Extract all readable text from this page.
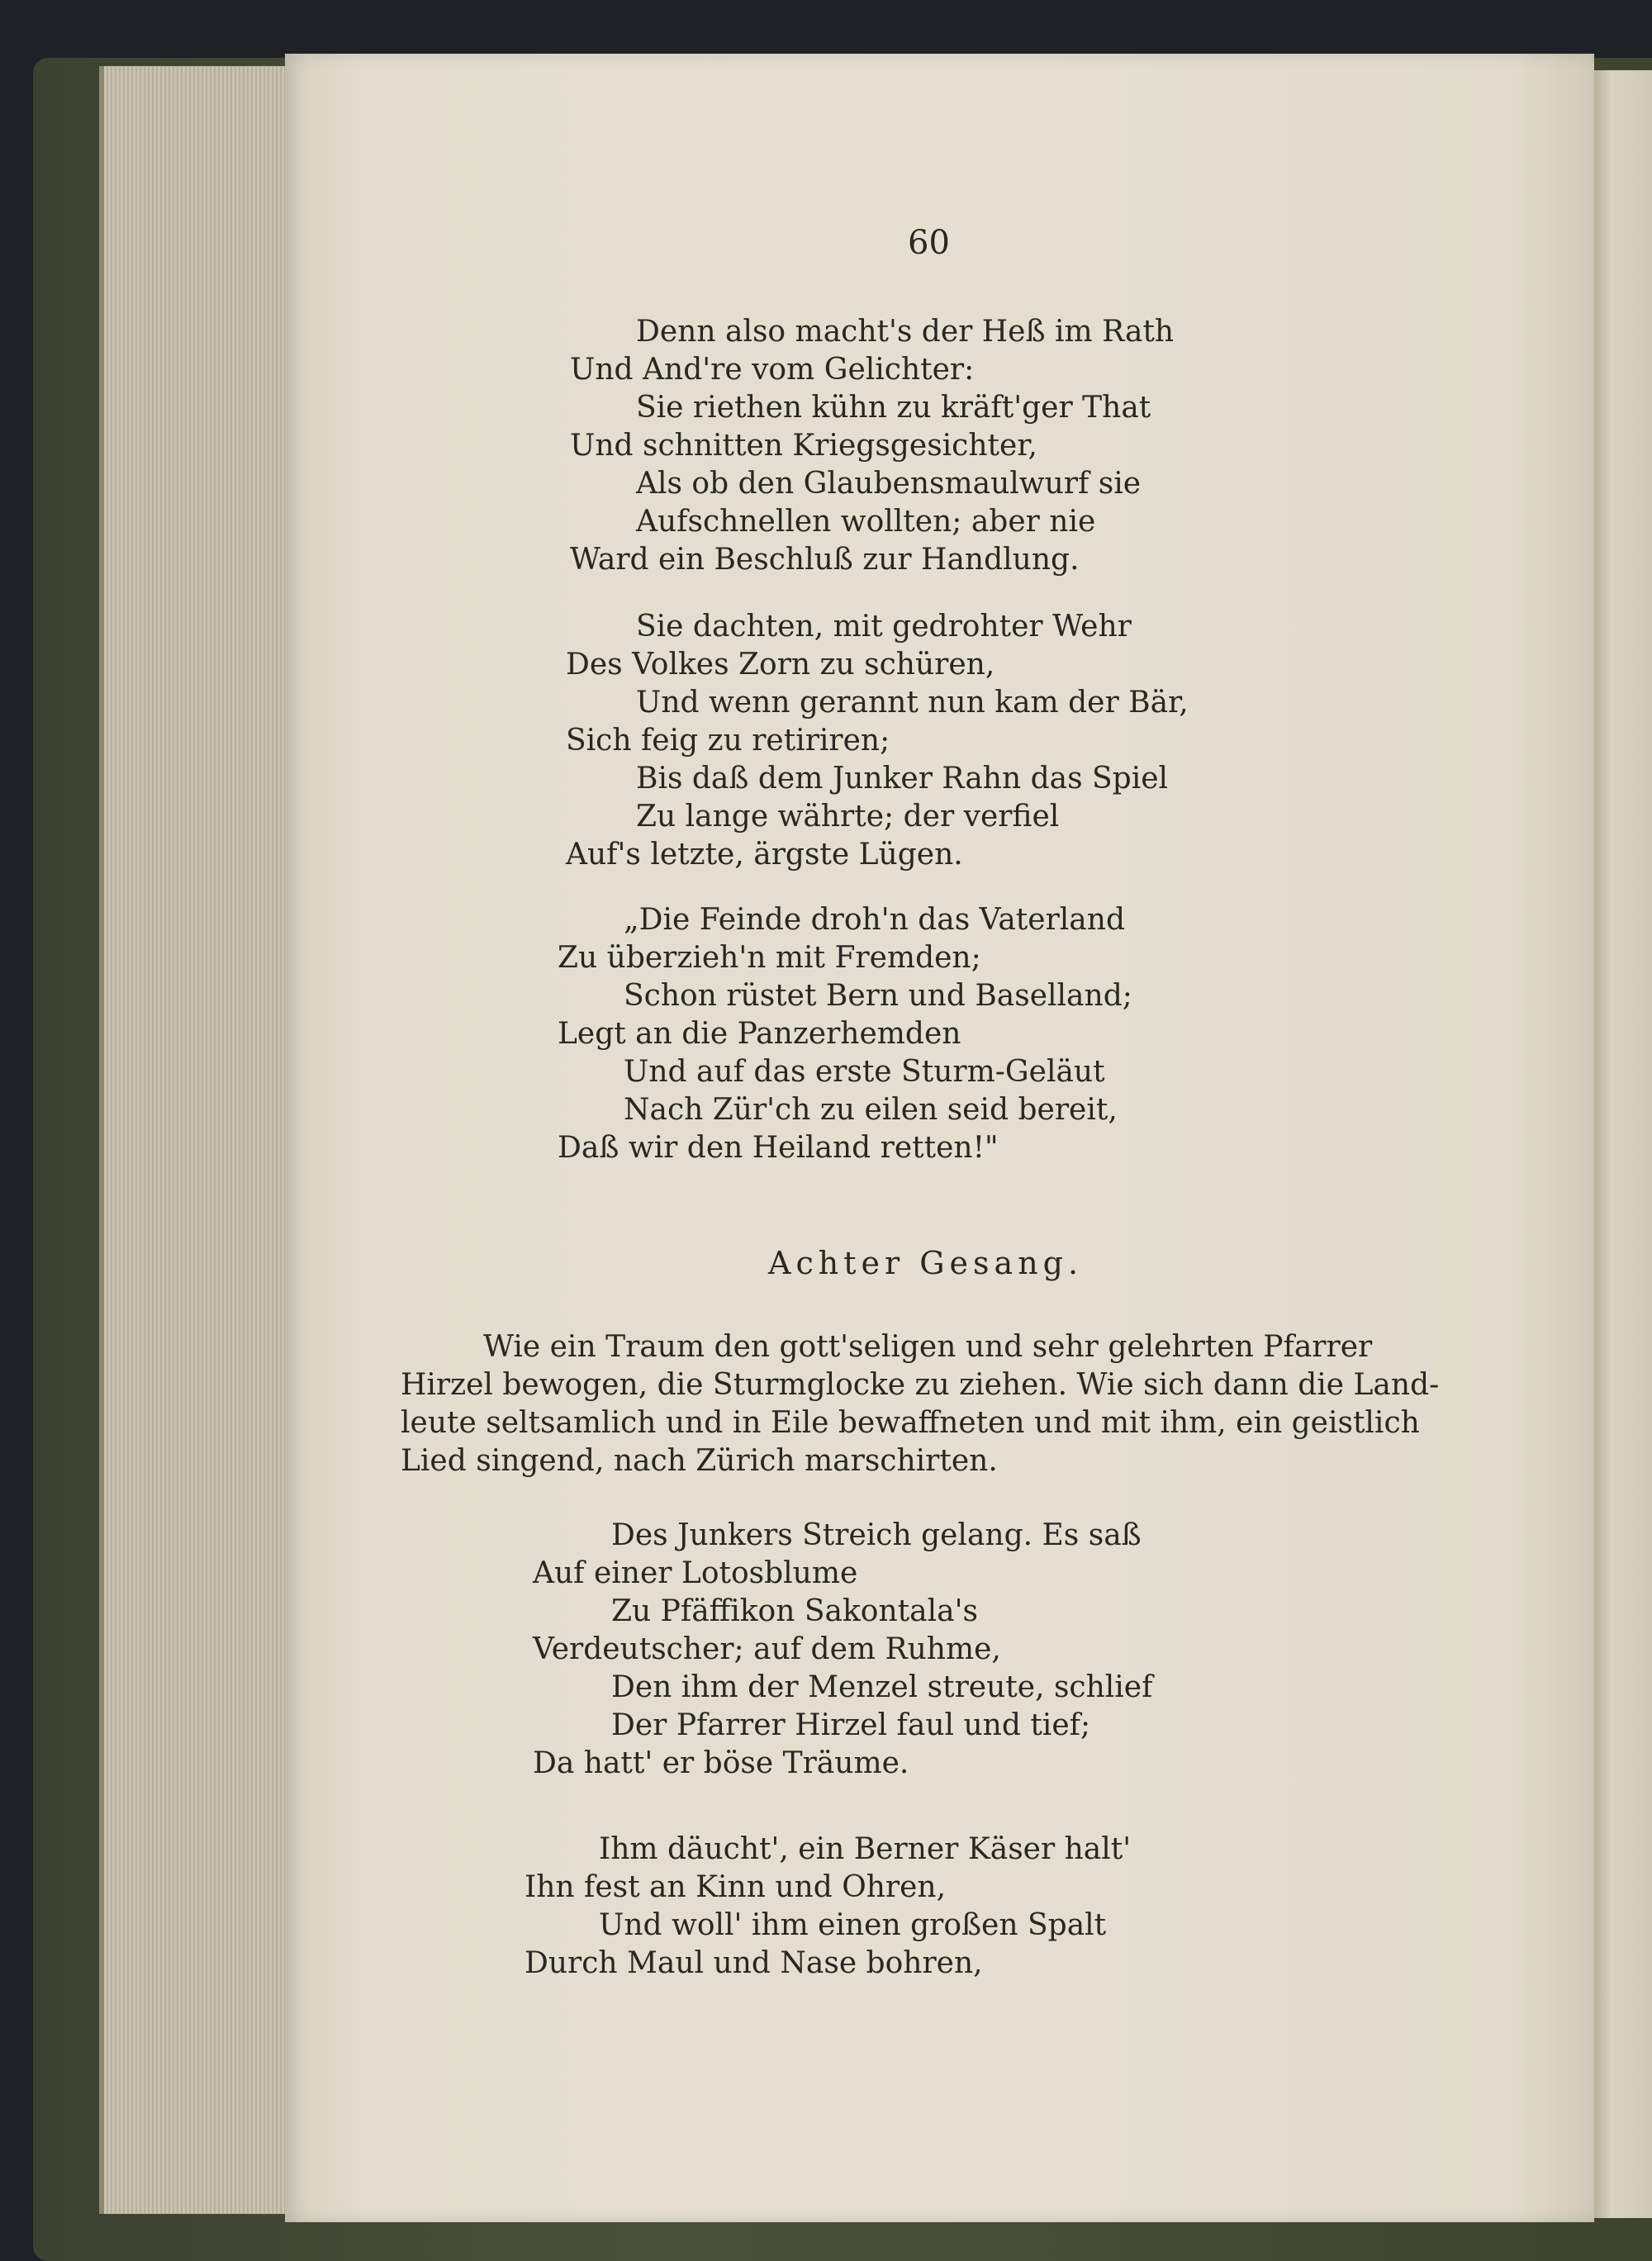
60

Denn also macht's der Heß im Rath

Und And're vom Gelichter:

Sie riethen kühn zu kräft'ger That

Und schnitten Kriegsgesichter,

Als ob den Glaubensmaulwurf sie

Aufschnellen wollten; aber nie

Ward ein Beschluß zur Handlung.

Sie dachten, mit gedrohter Wehr

Des Volkes Zorn zu schüren,

Und wenn gerannt nun kam der Bär,

Sich feig zu retiriren;

Bis daß dem Junker Rahn das Spiel

Zu lange währte; der verfiel

Auf's letzte, ärgste Lügen.

„Die Feinde droh'n das Vaterland

Zu überzieh'n mit Fremden;

Schon rüstet Bern und Baselland;

Legt an die Panzerhemden

Und auf das erste Sturm-Geläut

Nach Zür'ch zu eilen seid bereit,

Daß wir den Heiland retten!"

Achter Gesang.

Wie ein Traum den gott'seligen und sehr gelehrten Pfarrer

Hirzel bewogen, die Sturmglocke zu ziehen. Wie sich dann die Land-

leute seltsamlich und in Eile bewaffneten und mit ihm, ein geistlich

Lied singend, nach Zürich marschirten.

Des Junkers Streich gelang. Es saß

Auf einer Lotosblume

Zu Pfäffikon Sakontala's

Verdeutscher; auf dem Ruhme,

Den ihm der Menzel streute, schlief

Der Pfarrer Hirzel faul und tief;

Da hatt' er böse Träume.

Ihm däucht', ein Berner Käser halt'

Ihn fest an Kinn und Ohren,

Und woll' ihm einen großen Spalt

Durch Maul und Nase bohren,
